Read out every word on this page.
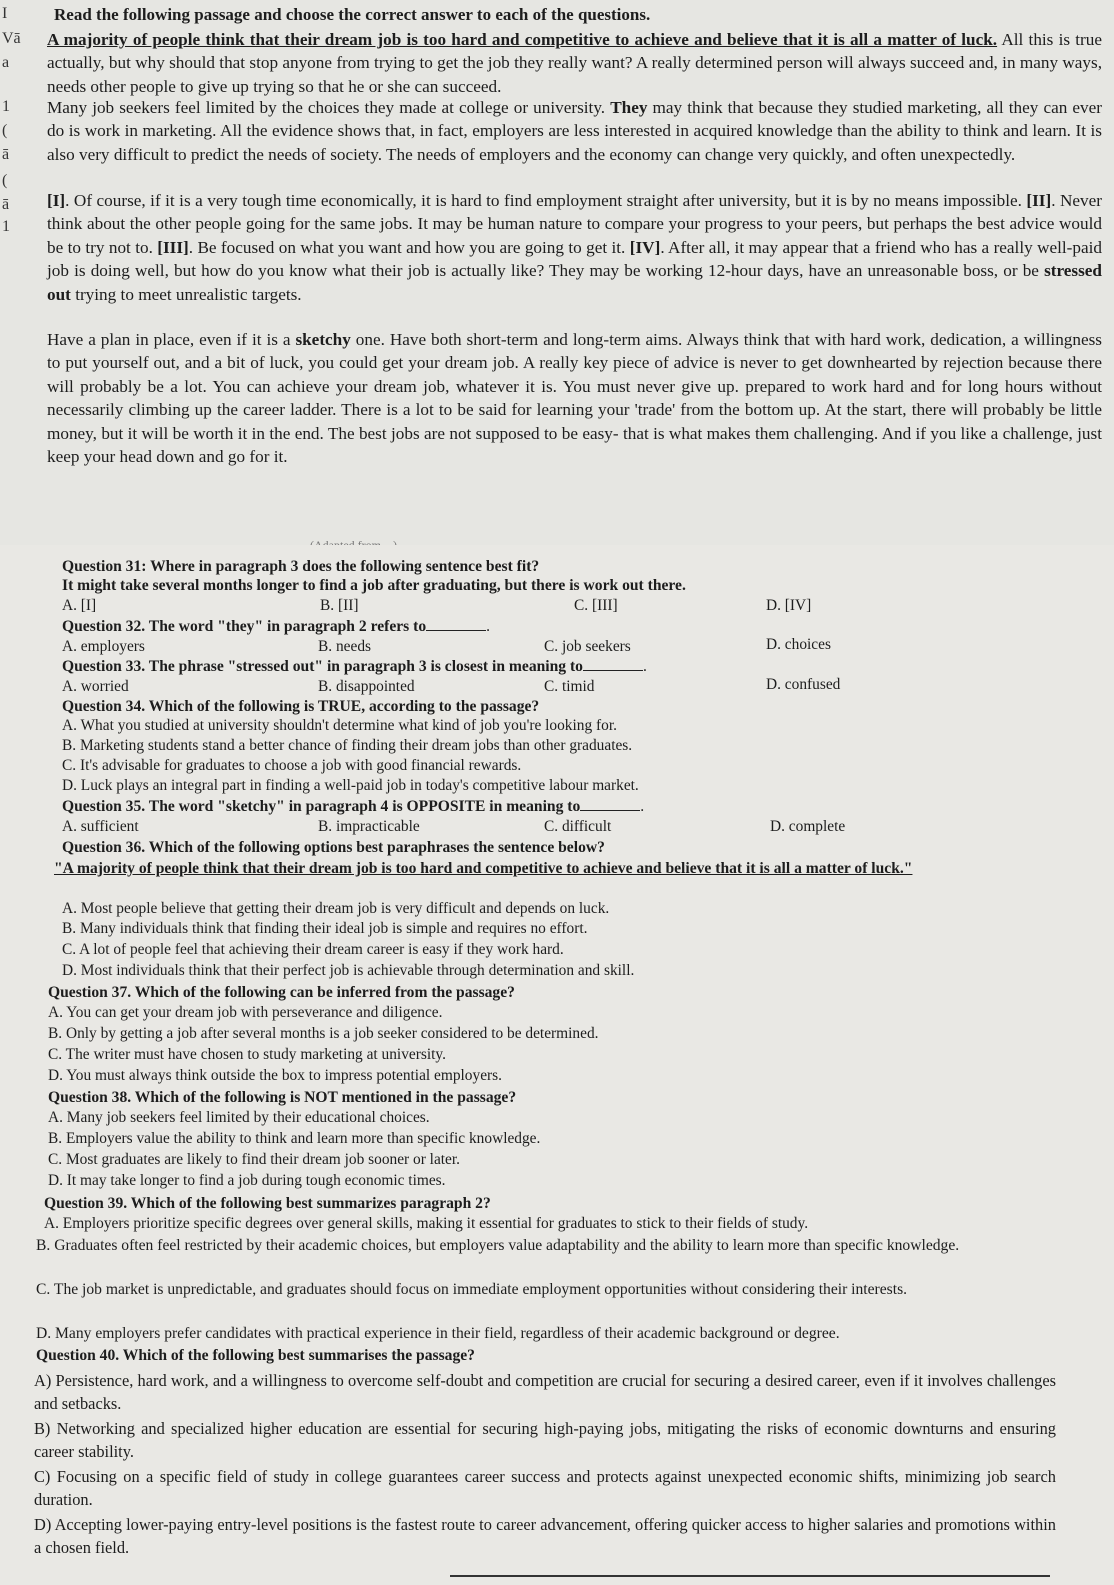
I
Vā
a
1
(
ā
(
ā
1

Read the following passage and choose the correct answer to each of the questions.

A majority of people think that their dream job is too hard and competitive to achieve and believe that it is all a matter of luck. All this is true actually, but why should that stop anyone from trying to get the job they really want? A really determined person will always succeed and, in many ways, needs other people to give up trying so that he or she can succeed.

Many job seekers feel limited by the choices they made at college or university. They may think that because they studied marketing, all they can ever do is work in marketing. All the evidence shows that, in fact, employers are less interested in acquired knowledge than the ability to think and learn. It is also very difficult to predict the needs of society. The needs of employers and the economy can change very quickly, and often unexpectedly.

[I]. Of course, if it is a very tough time economically, it is hard to find employment straight after university, but it is by no means impossible. [II]. Never think about the other people going for the same jobs. It may be human nature to compare your progress to your peers, but perhaps the best advice would be to try not to. [III]. Be focused on what you want and how you are going to get it. [IV]. After all, it may appear that a friend who has a really well-paid job is doing well, but how do you know what their job is actually like? They may be working 12-hour days, have an unreasonable boss, or be stressed out trying to meet unrealistic targets.

Have a plan in place, even if it is a sketchy one. Have both short-term and long-term aims. Always think that with hard work, dedication, a willingness to put yourself out, and a bit of luck, you could get your dream job. A really key piece of advice is never to get downhearted by rejection because there will probably be a lot. You can achieve your dream job, whatever it is. You must never give up. prepared to work hard and for long hours without necessarily climbing up the career ladder. There is a lot to be said for learning your 'trade' from the bottom up. At the start, there will probably be little money, but it will be worth it in the end. The best jobs are not supposed to be easy- that is what makes them challenging. And if you like a challenge, just keep your head down and go for it.

Question 31: Where in paragraph 3 does the following sentence best fit?
It might take several months longer to find a job after graduating, but there is work out there.
A. [I]	B. [II]	C. [III]	D. [IV]
Question 32. The word "they" in paragraph 2 refers to	.
A. employers	B. needs	C. job seekers	D. choices
Question 33. The phrase "stressed out" in paragraph 3 is closest in meaning to	.
A. worried	B. disappointed	C. timid	D. confused
Question 34. Which of the following is TRUE, according to the passage?
A. What you studied at university shouldn't determine what kind of job you're looking for.
B. Marketing students stand a better chance of finding their dream jobs than other graduates.
C. It's advisable for graduates to choose a job with good financial rewards.
D. Luck plays an integral part in finding a well-paid job in today's competitive labour market.
Question 35. The word "sketchy" in paragraph 4 is OPPOSITE in meaning to	.
A. sufficient	B. impracticable	C. difficult	D. complete
Question 36. Which of the following options best paraphrases the sentence below?
"A majority of people think that their dream job is too hard and competitive to achieve and believe that it is all a matter of luck."
A. Most people believe that getting their dream job is very difficult and depends on luck.
B. Many individuals think that finding their ideal job is simple and requires no effort.
C. A lot of people feel that achieving their dream career is easy if they work hard.
D. Most individuals think that their perfect job is achievable through determination and skill.
Question 37. Which of the following can be inferred from the passage?
A. You can get your dream job with perseverance and diligence.
B. Only by getting a job after several months is a job seeker considered to be determined.
C. The writer must have chosen to study marketing at university.
D. You must always think outside the box to impress potential employers.
Question 38. Which of the following is NOT mentioned in the passage?
A. Many job seekers feel limited by their educational choices.
B. Employers value the ability to think and learn more than specific knowledge.
C. Most graduates are likely to find their dream job sooner or later.
D. It may take longer to find a job during tough economic times.
Question 39. Which of the following best summarizes paragraph 2?
A. Employers prioritize specific degrees over general skills, making it essential for graduates to stick to their fields of study.
B. Graduates often feel restricted by their academic choices, but employers value adaptability and the ability to learn more than specific knowledge.
C. The job market is unpredictable, and graduates should focus on immediate employment opportunities without considering their interests.
D. Many employers prefer candidates with practical experience in their field, regardless of their academic background or degree.
Question 40. Which of the following best summarises the passage?
A) Persistence, hard work, and a willingness to overcome self-doubt and competition are crucial for securing a desired career, even if it involves challenges and setbacks.
B) Networking and specialized higher education are essential for securing high-paying jobs, mitigating the risks of economic downturns and ensuring career stability.
C) Focusing on a specific field of study in college guarantees career success and protects against unexpected economic shifts, minimizing job search duration.
D) Accepting lower-paying entry-level positions is the fastest route to career advancement, offering quicker access to higher salaries and promotions within a chosen field.
